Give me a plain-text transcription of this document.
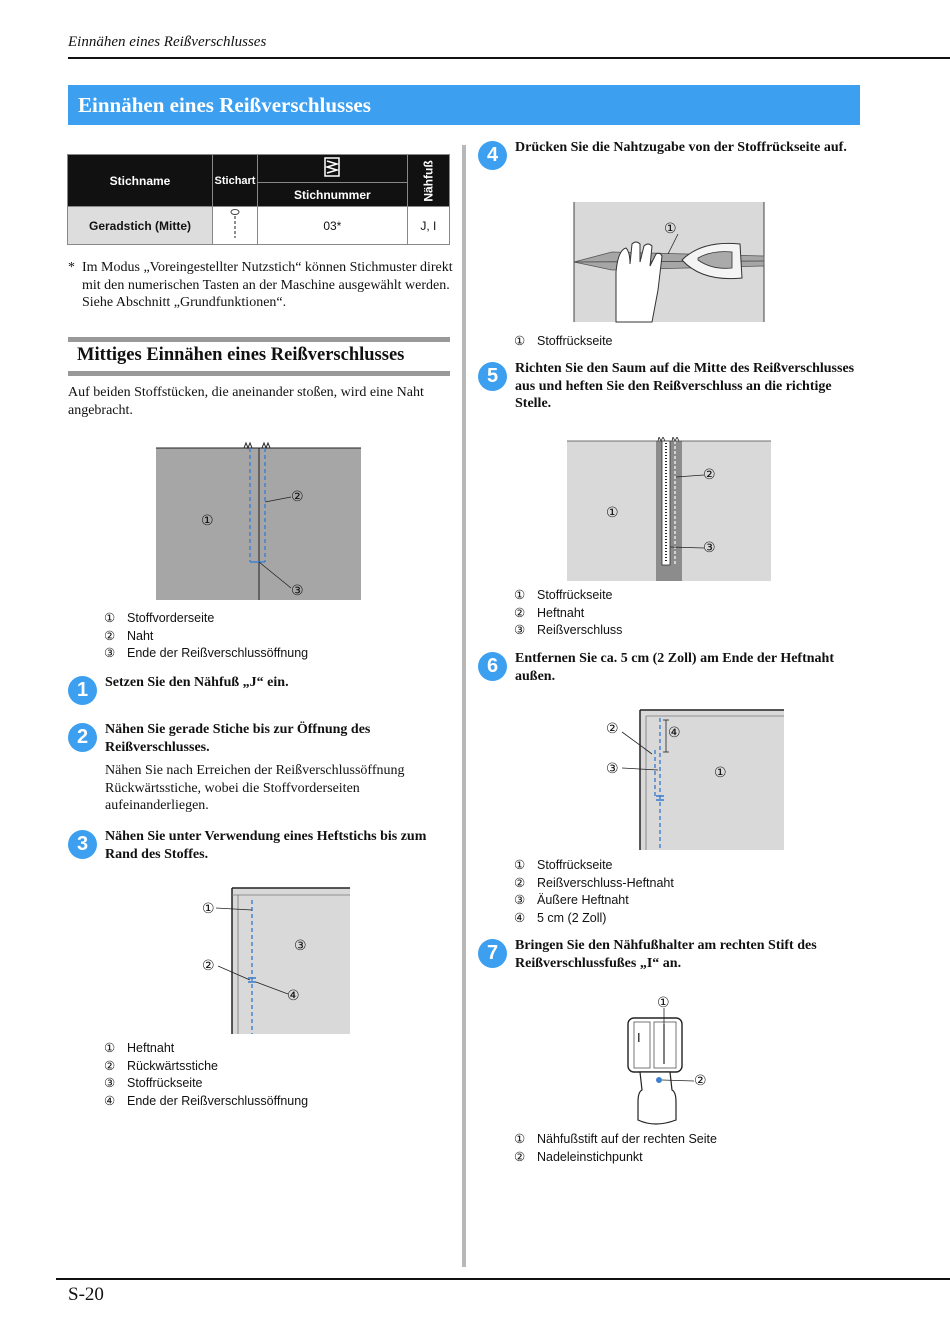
Einnähen eines Reißverschlusses
Einnähen eines Reißverschlusses
Stichname	Stichart		Nähfuß

		Stichnummer	
Geradstich (Mitte)		03*	J, I
*  Im Modus „Voreingestellter Nutzstich“ können Stichmuster direkt mit den numerischen Tasten an der Maschine ausgewählt werden. Siehe Abschnitt „Grundfunktionen“.
Mittiges Einnähen eines Reißverschlusses
Auf beiden Stoffstücken, die aneinander stoßen, wird eine Naht angebracht.
①
②
③
① Stoffvorderseite
② Naht
③ Ende der Reißverschlussöffnung
1	Setzen Sie den Nähfuß „J“ ein.
2	Nähen Sie gerade Stiche bis zur Öffnung des Reißverschlusses.
Nähen Sie nach Erreichen der Reißverschlussöffnung Rückwärtsstiche, wobei die Stoffvorderseiten aufeinanderliegen.
3	Nähen Sie unter Verwendung eines Heftstichs bis zum Rand des Stoffes.
①
②
③
④
① Heftnaht
② Rückwärtsstiche
③ Stoffrückseite
④ Ende der Reißverschlussöffnung
4	Drücken Sie die Nahtzugabe von der Stoffrückseite auf.
①
① Stoffrückseite
5	Richten Sie den Saum auf die Mitte des Reißverschlusses aus und heften Sie den Reißverschluss an die richtige Stelle.
①
②
③
① Stoffrückseite
② Heftnaht
③ Reißverschluss
6	Entfernen Sie ca. 5 cm (2 Zoll) am Ende der Heftnaht außen.
②
③
④
①
① Stoffrückseite
② Reißverschluss-Heftnaht
③ Äußere Heftnaht
④ 5 cm (2 Zoll)
7	Bringen Sie den Nähfußhalter am rechten Stift des Reißverschlussfußes „I“ an.
I
①
②
① Nähfußstift auf der rechten Seite
② Nadeleinstichpunkt
S-20
